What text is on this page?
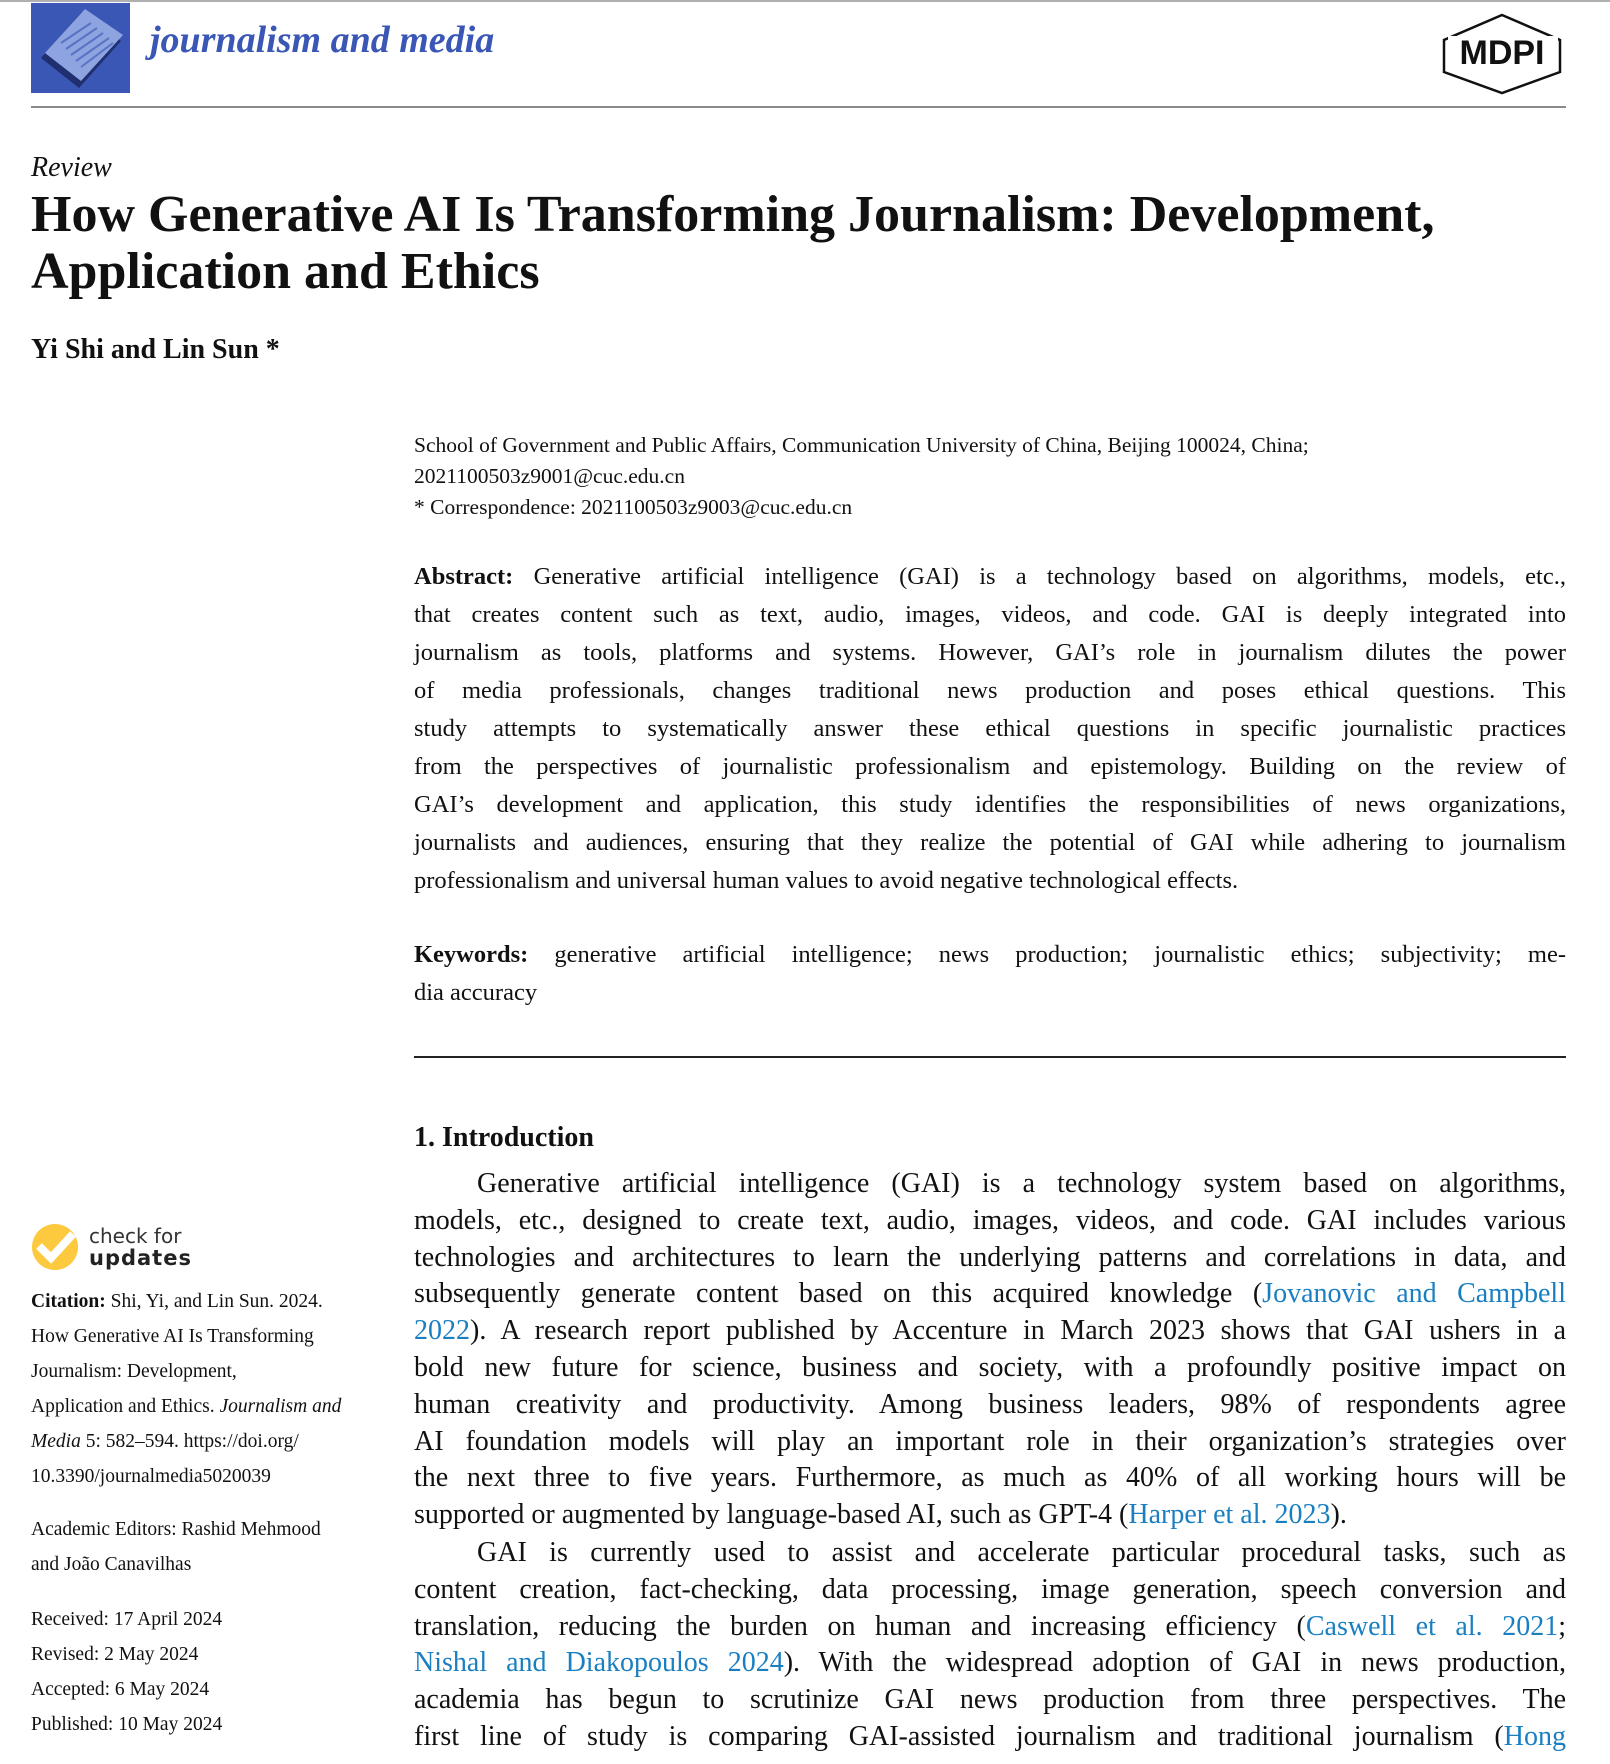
journalism and media	MDPI
Review
How Generative AI Is Transforming Journalism: Development,
Application and Ethics
Yi Shi and Lin Sun *
School of Government and Public Affairs, Communication University of China, Beijing 100024, China;
2021100503z9001@cuc.edu.cn
* Correspondence: 2021100503z9003@cuc.edu.cn
Abstract: Generative artificial intelligence (GAI) is a technology based on algorithms, models, etc.,
that creates content such as text, audio, images, videos, and code. GAI is deeply integrated into
journalism as tools, platforms and systems. However, GAI’s role in journalism dilutes the power
of media professionals, changes traditional news production and poses ethical questions. This
study attempts to systematically answer these ethical questions in specific journalistic practices
from the perspectives of journalistic professionalism and epistemology. Building on the review of
GAI’s development and application, this study identifies the responsibilities of news organizations,
journalists and audiences, ensuring that they realize the potential of GAI while adhering to journalism
professionalism and universal human values to avoid negative technological effects.
Keywords: generative artificial intelligence; news production; journalistic ethics; subjectivity; me-
dia accuracy
1. Introduction
Generative artificial intelligence (GAI) is a technology system based on algorithms,
models, etc., designed to create text, audio, images, videos, and code. GAI includes various
technologies and architectures to learn the underlying patterns and correlations in data, and
subsequently generate content based on this acquired knowledge (Jovanovic and Campbell
2022). A research report published by Accenture in March 2023 shows that GAI ushers in a
bold new future for science, business and society, with a profoundly positive impact on
human creativity and productivity. Among business leaders, 98% of respondents agree
AI foundation models will play an important role in their organization’s strategies over
the next three to five years. Furthermore, as much as 40% of all working hours will be
supported or augmented by language-based AI, such as GPT-4 (Harper et al. 2023).
GAI is currently used to assist and accelerate particular procedural tasks, such as
content creation, fact-checking, data processing, image generation, speech conversion and
translation, reducing the burden on human and increasing efficiency (Caswell et al. 2021;
Nishal and Diakopoulos 2024). With the widespread adoption of GAI in news production,
academia has begun to scrutinize GAI news production from three perspectives. The
first line of study is comparing GAI-assisted journalism and traditional journalism (Hong
check for
updates
Citation: Shi, Yi, and Lin Sun. 2024.
How Generative AI Is Transforming
Journalism: Development,
Application and Ethics. Journalism and
Media 5: 582–594. https://doi.org/
10.3390/journalmedia5020039
Academic Editors: Rashid Mehmood
and João Canavilhas
Received: 17 April 2024
Revised: 2 May 2024
Accepted: 6 May 2024
Published: 10 May 2024
